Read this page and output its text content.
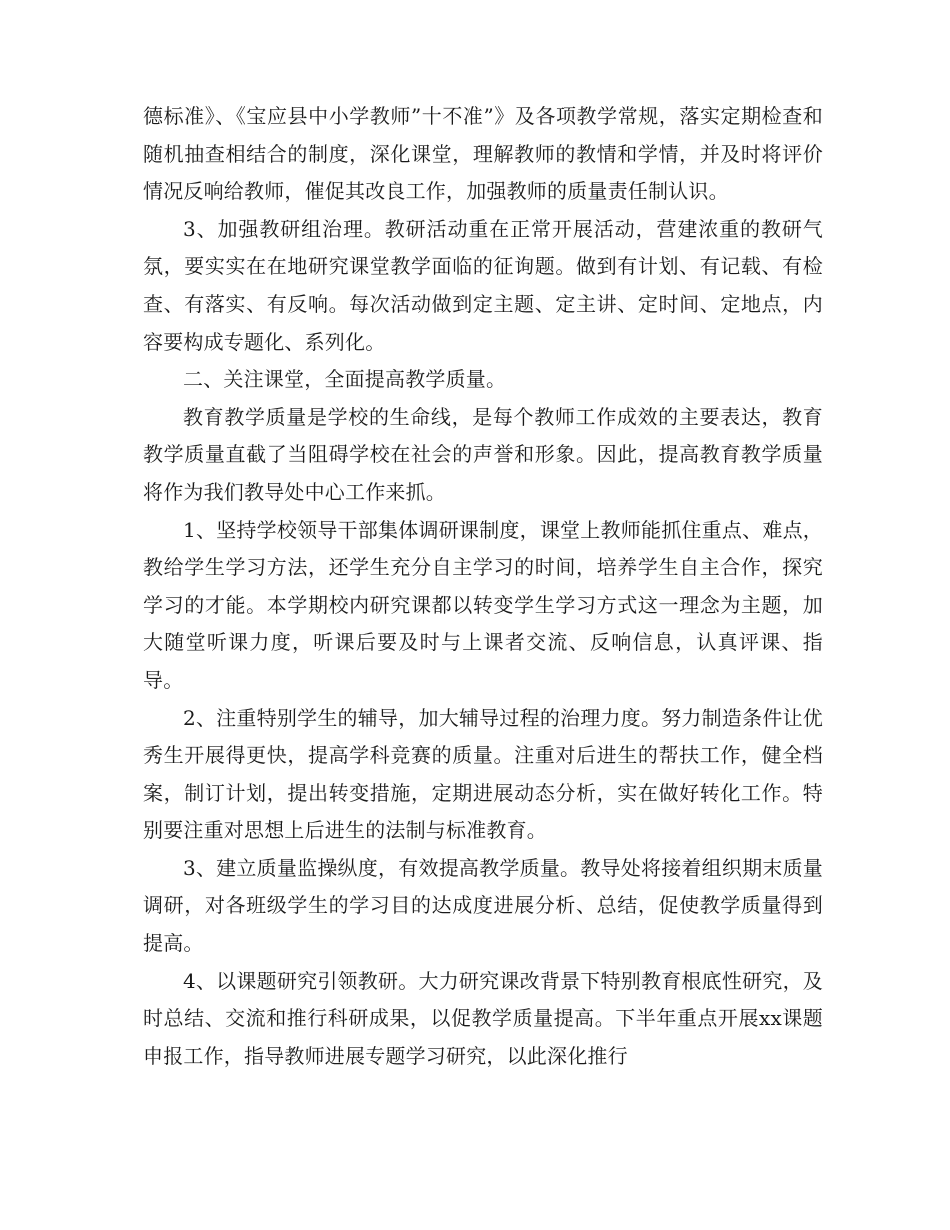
德标准》、《宝应县中小学教师”十不准”》及各项教学常规，落实定期检查和随机抽查相结合的制度，深化课堂，理解教师的教情和学情，并及时将评价情况反响给教师，催促其改良工作，加强教师的质量责任制认识。

3、加强教研组治理。教研活动重在正常开展活动，营建浓重的教研气氛，要实实在在地研究课堂教学面临的征询题。做到有计划、有记载、有检查、有落实、有反响。每次活动做到定主题、定主讲、定时间、定地点，内容要构成专题化、系列化。

二、关注课堂，全面提高教学质量。

教育教学质量是学校的生命线，是每个教师工作成效的主要表达，教育教学质量直截了当阻碍学校在社会的声誉和形象。因此，提高教育教学质量将作为我们教导处中心工作来抓。

1、坚持学校领导干部集体调研课制度，课堂上教师能抓住重点、难点，教给学生学习方法，还学生充分自主学习的时间，培养学生自主合作，探究学习的才能。本学期校内研究课都以转变学生学习方式这一理念为主题，加大随堂听课力度，听课后要及时与上课者交流、反响信息，认真评课、指导。

2、注重特别学生的辅导，加大辅导过程的治理力度。努力制造条件让优秀生开展得更快，提高学科竞赛的质量。注重对后进生的帮扶工作，健全档案，制订计划，提出转变措施，定期进展动态分析，实在做好转化工作。特别要注重对思想上后进生的法制与标准教育。

3、建立质量监操纵度，有效提高教学质量。教导处将接着组织期末质量调研，对各班级学生的学习目的达成度进展分析、总结，促使教学质量得到提高。

4、以课题研究引领教研。大力研究课改背景下特别教育根底性研究，及时总结、交流和推行科研成果，以促教学质量提高。下半年重点开展xx课题申报工作，指导教师进展专题学习研究，以此深化推行
